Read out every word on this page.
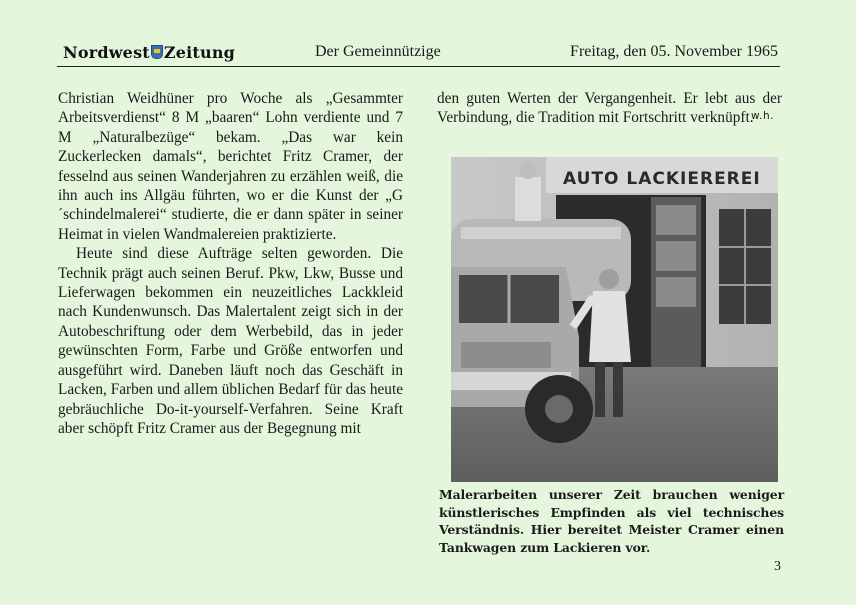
Nordwest Zeitung	Der Gemeinnützige	Freitag, den 05. November 1965

Christian Weidhüner pro Woche als „Gesammter Arbeitsverdienst“ 8 M „baaren“ Lohn verdiente und 7 M „Naturalbezüge“ bekam. „Das war kein Zuckerlecken damals“, berichtet Fritz Cramer, der fesselnd aus seinen Wanderjahren zu erzählen weiß, die ihn auch ins Allgäu führten, wo er die Kunst der „G´schindelmalerei“ studierte, die er dann später in seiner Heimat in vielen Wandmalereien praktizierte.

Heute sind diese Aufträge selten geworden. Die Technik prägt auch seinen Beruf. Pkw, Lkw, Busse und Lieferwagen bekommen ein neuzeitliches Lackkleid nach Kundenwunsch. Das Malertalent zeigt sich in der Autobeschriftung oder dem Werbebild, das in jeder gewünschten Form, Farbe und Größe entworfen und ausgeführt wird. Daneben läuft noch das Geschäft in Lacken, Farben und allem üblichen Bedarf für das heute gebräuchliche Do-it-yourself-Verfahren. Seine Kraft aber schöpft Fritz Cramer aus der Begegnung mit

den guten Werten der Vergangenheit. Er lebt aus der Verbindung, die Tradition mit Fortschritt verknüpft.
w.h.

AUTO LACKIEREREI
Malerarbeiten unserer Zeit brauchen weniger künstlerisches Empfinden als viel technisches Verständnis. Hier bereitet Meister Cramer einen Tankwagen zum Lackieren vor.
3
